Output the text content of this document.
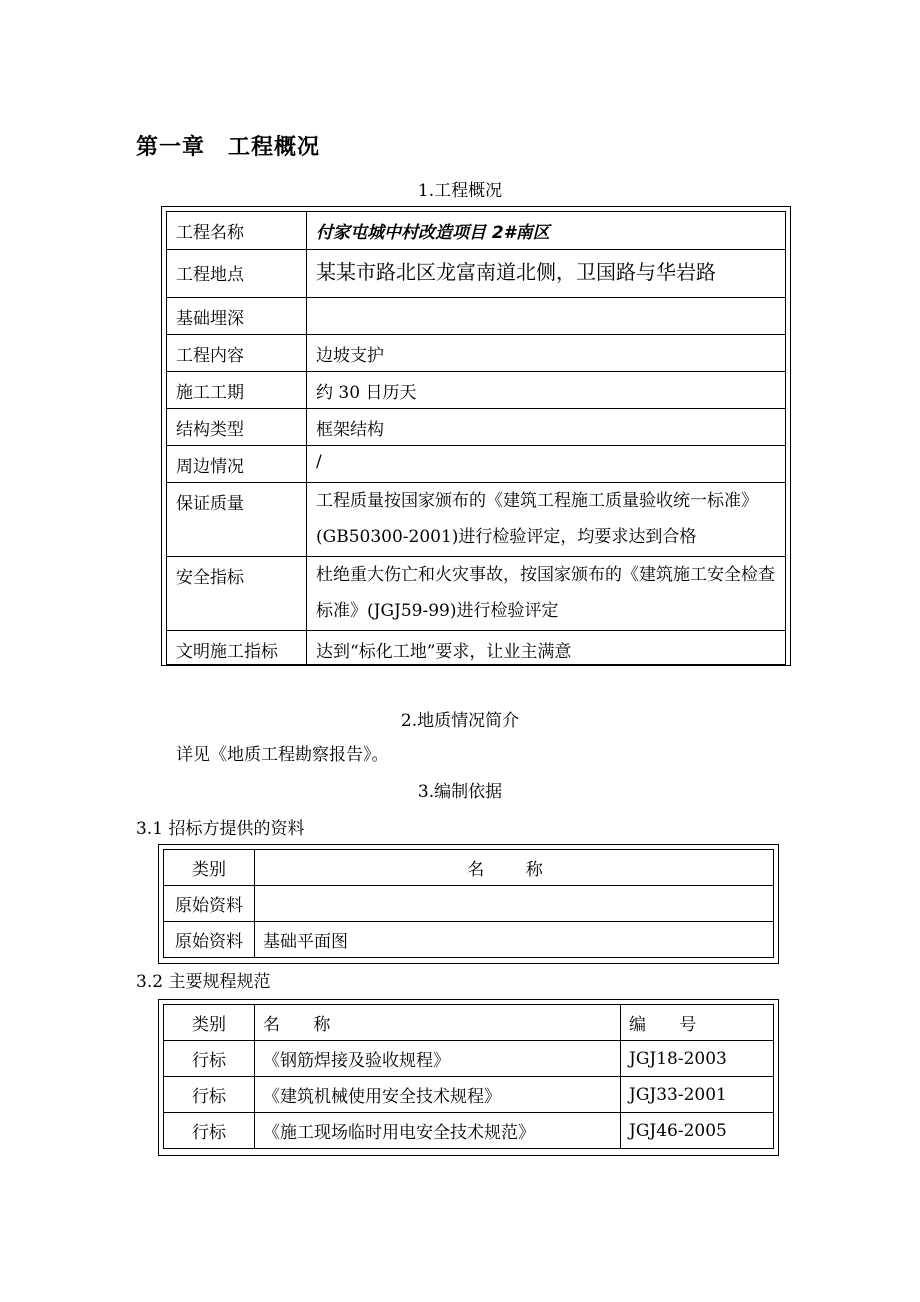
第一章　工程概况
1.工程概况
工程名称	付家屯城中村改造项目 2#南区
工程地点	某某市路北区龙富南道北侧，卫国路与华岩路
基础埋深	
工程内容	边坡支护
施工工期	约 30 日历天
结构类型	框架结构
周边情况	/
保证质量	工程质量按国家颁布的《建筑工程施工质量验收统一标准》(GB50300-2001)进行检验评定，均要求达到合格
安全指标	杜绝重大伤亡和火灾事故，按国家颁布的《建筑施工安全检查标准》(JGJ59-99)进行检验评定
文明施工指标	达到“标化工地”要求，让业主满意
2.地质情况简介
详见《地质工程勘察报告》。
3.编制依据
3.1 招标方提供的资料
类别	名 称
原始资料	
原始资料	基础平面图
3.2 主要规程规范
类别	名 称	编 号
行标	《钢筋焊接及验收规程》	JGJ18-2003
行标	《建筑机械使用安全技术规程》	JGJ33-2001
行标	《施工现场临时用电安全技术规范》	JGJ46-2005
